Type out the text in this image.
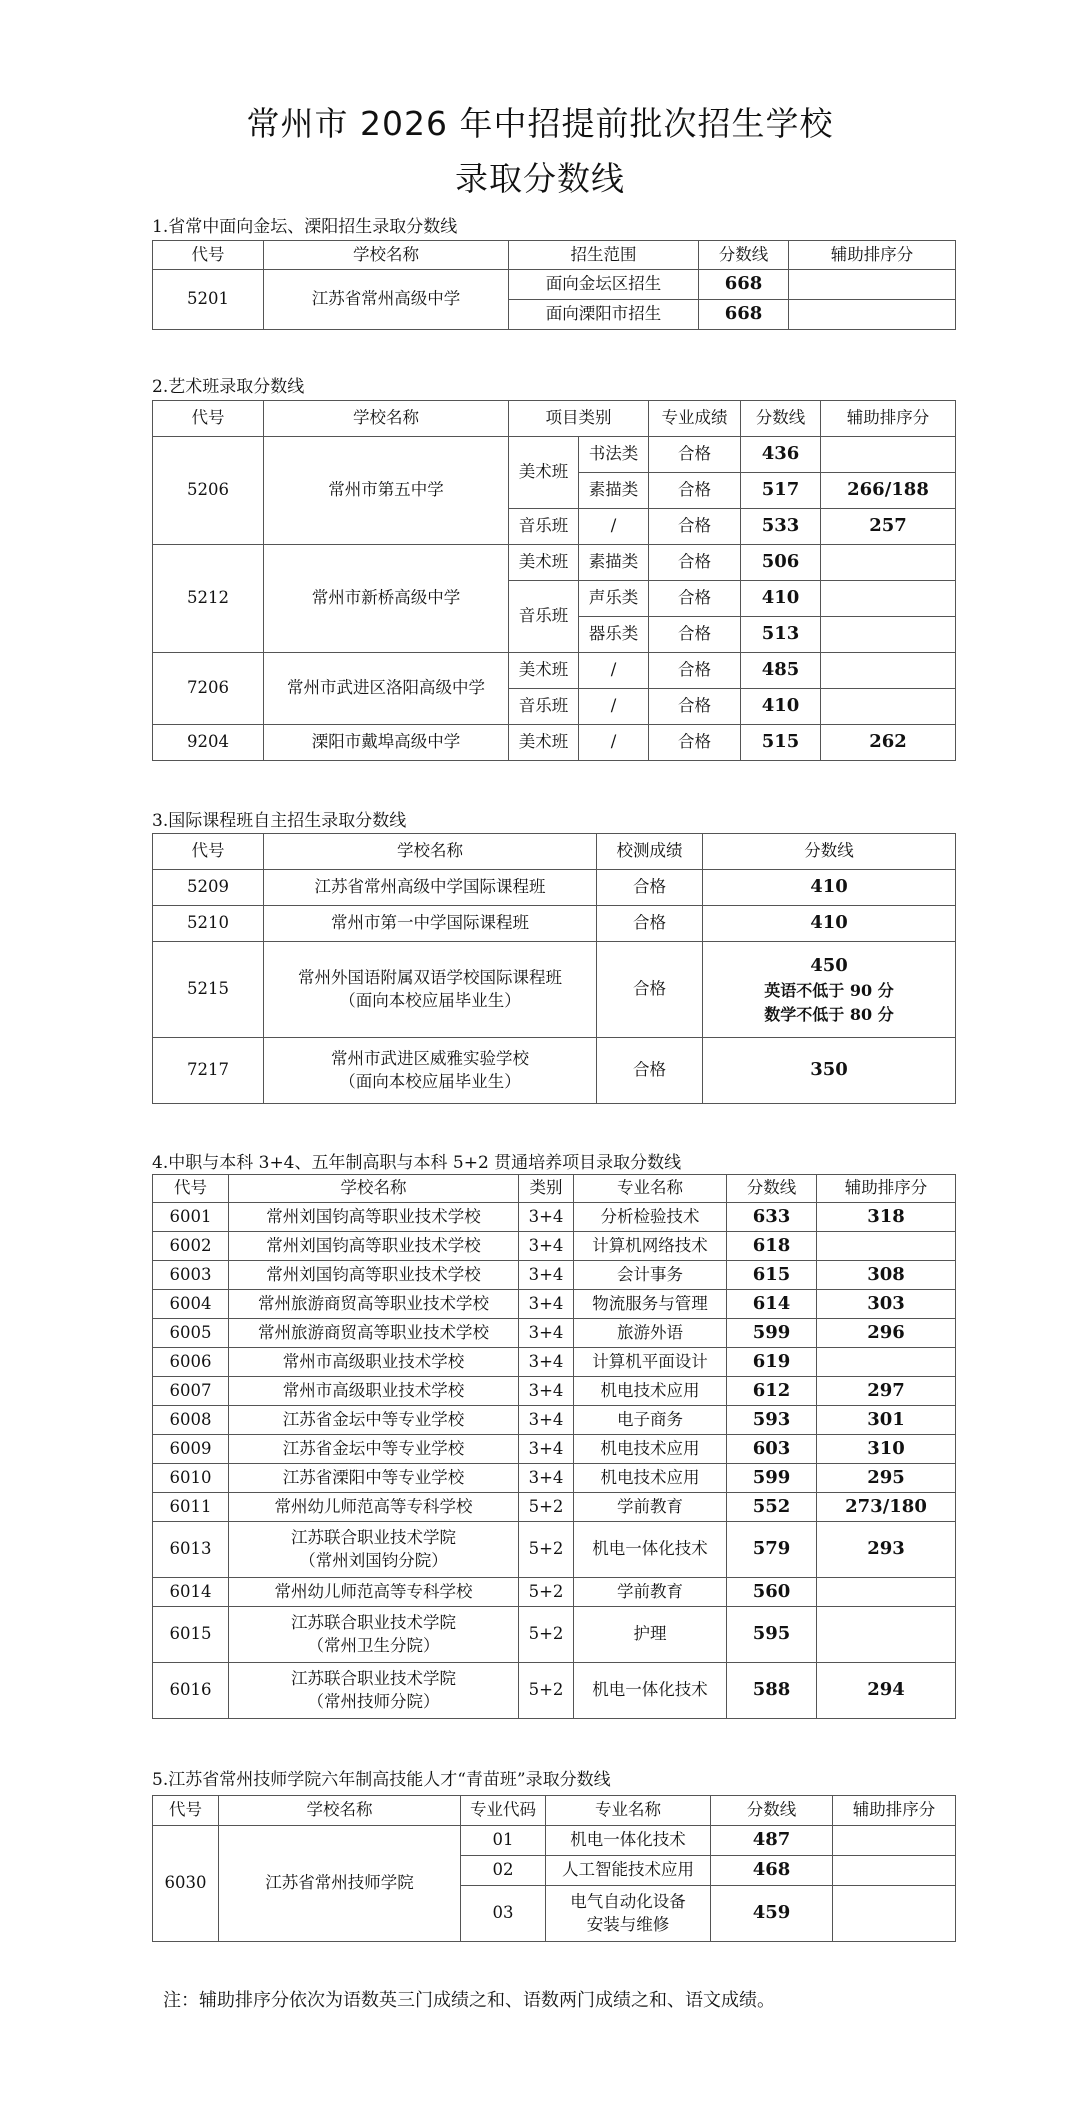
常州市 2026 年中招提前批次招生学校
录取分数线
1.省常中面向金坛、溧阳招生录取分数线
代号	学校名称	招生范围	分数线	辅助排序分
5201	江苏省常州高级中学	面向金坛区招生	668	
		面向溧阳市招生	668	
2.艺术班录取分数线
代号	学校名称	项目类别		专业成绩	分数线	辅助排序分
5206	常州市第五中学	美术班	书法类	合格	436	
			素描类	合格	517	266/188
		音乐班	/	合格	533	257
5212	常州市新桥高级中学	美术班	素描类	合格	506	
		音乐班	声乐类	合格	410	
			器乐类	合格	513	
7206	常州市武进区洛阳高级中学	美术班	/	合格	485	
		音乐班	/	合格	410	
9204	溧阳市戴埠高级中学	美术班	/	合格	515	262
3.国际课程班自主招生录取分数线
代号	学校名称	校测成绩	分数线
5209	江苏省常州高级中学国际课程班	合格	410
5210	常州市第一中学国际课程班	合格	410
5215	常州外国语附属双语学校国际课程班
（面向本校应届毕业生）	合格	450
英语不低于 90 分
数学不低于 80 分

7217	常州市武进区威雅实验学校
（面向本校应届毕业生）	合格	350
4.中职与本科 3+4、五年制高职与本科 5+2 贯通培养项目录取分数线
代号	学校名称	类别	专业名称	分数线	辅助排序分
6001	常州刘国钧高等职业技术学校	3+4	分析检验技术	633	318
6002	常州刘国钧高等职业技术学校	3+4	计算机网络技术	618	
6003	常州刘国钧高等职业技术学校	3+4	会计事务	615	308
6004	常州旅游商贸高等职业技术学校	3+4	物流服务与管理	614	303
6005	常州旅游商贸高等职业技术学校	3+4	旅游外语	599	296
6006	常州市高级职业技术学校	3+4	计算机平面设计	619	
6007	常州市高级职业技术学校	3+4	机电技术应用	612	297
6008	江苏省金坛中等专业学校	3+4	电子商务	593	301
6009	江苏省金坛中等专业学校	3+4	机电技术应用	603	310
6010	江苏省溧阳中等专业学校	3+4	机电技术应用	599	295
6011	常州幼儿师范高等专科学校	5+2	学前教育	552	273/180
6013	江苏联合职业技术学院
（常州刘国钧分院）	5+2	机电一体化技术	579	293
6014	常州幼儿师范高等专科学校	5+2	学前教育	560	
6015	江苏联合职业技术学院
（常州卫生分院）	5+2	护理	595	
6016	江苏联合职业技术学院
（常州技师分院）	5+2	机电一体化技术	588	294
5.江苏省常州技师学院六年制高技能人才“青苗班”录取分数线
代号	学校名称	专业代码	专业名称	分数线	辅助排序分
6030	江苏省常州技师学院	01	机电一体化技术	487	
		02	人工智能技术应用	468	
		03	电气自动化设备
安装与维修	459	
注：辅助排序分依次为语数英三门成绩之和、语数两门成绩之和、语文成绩。
